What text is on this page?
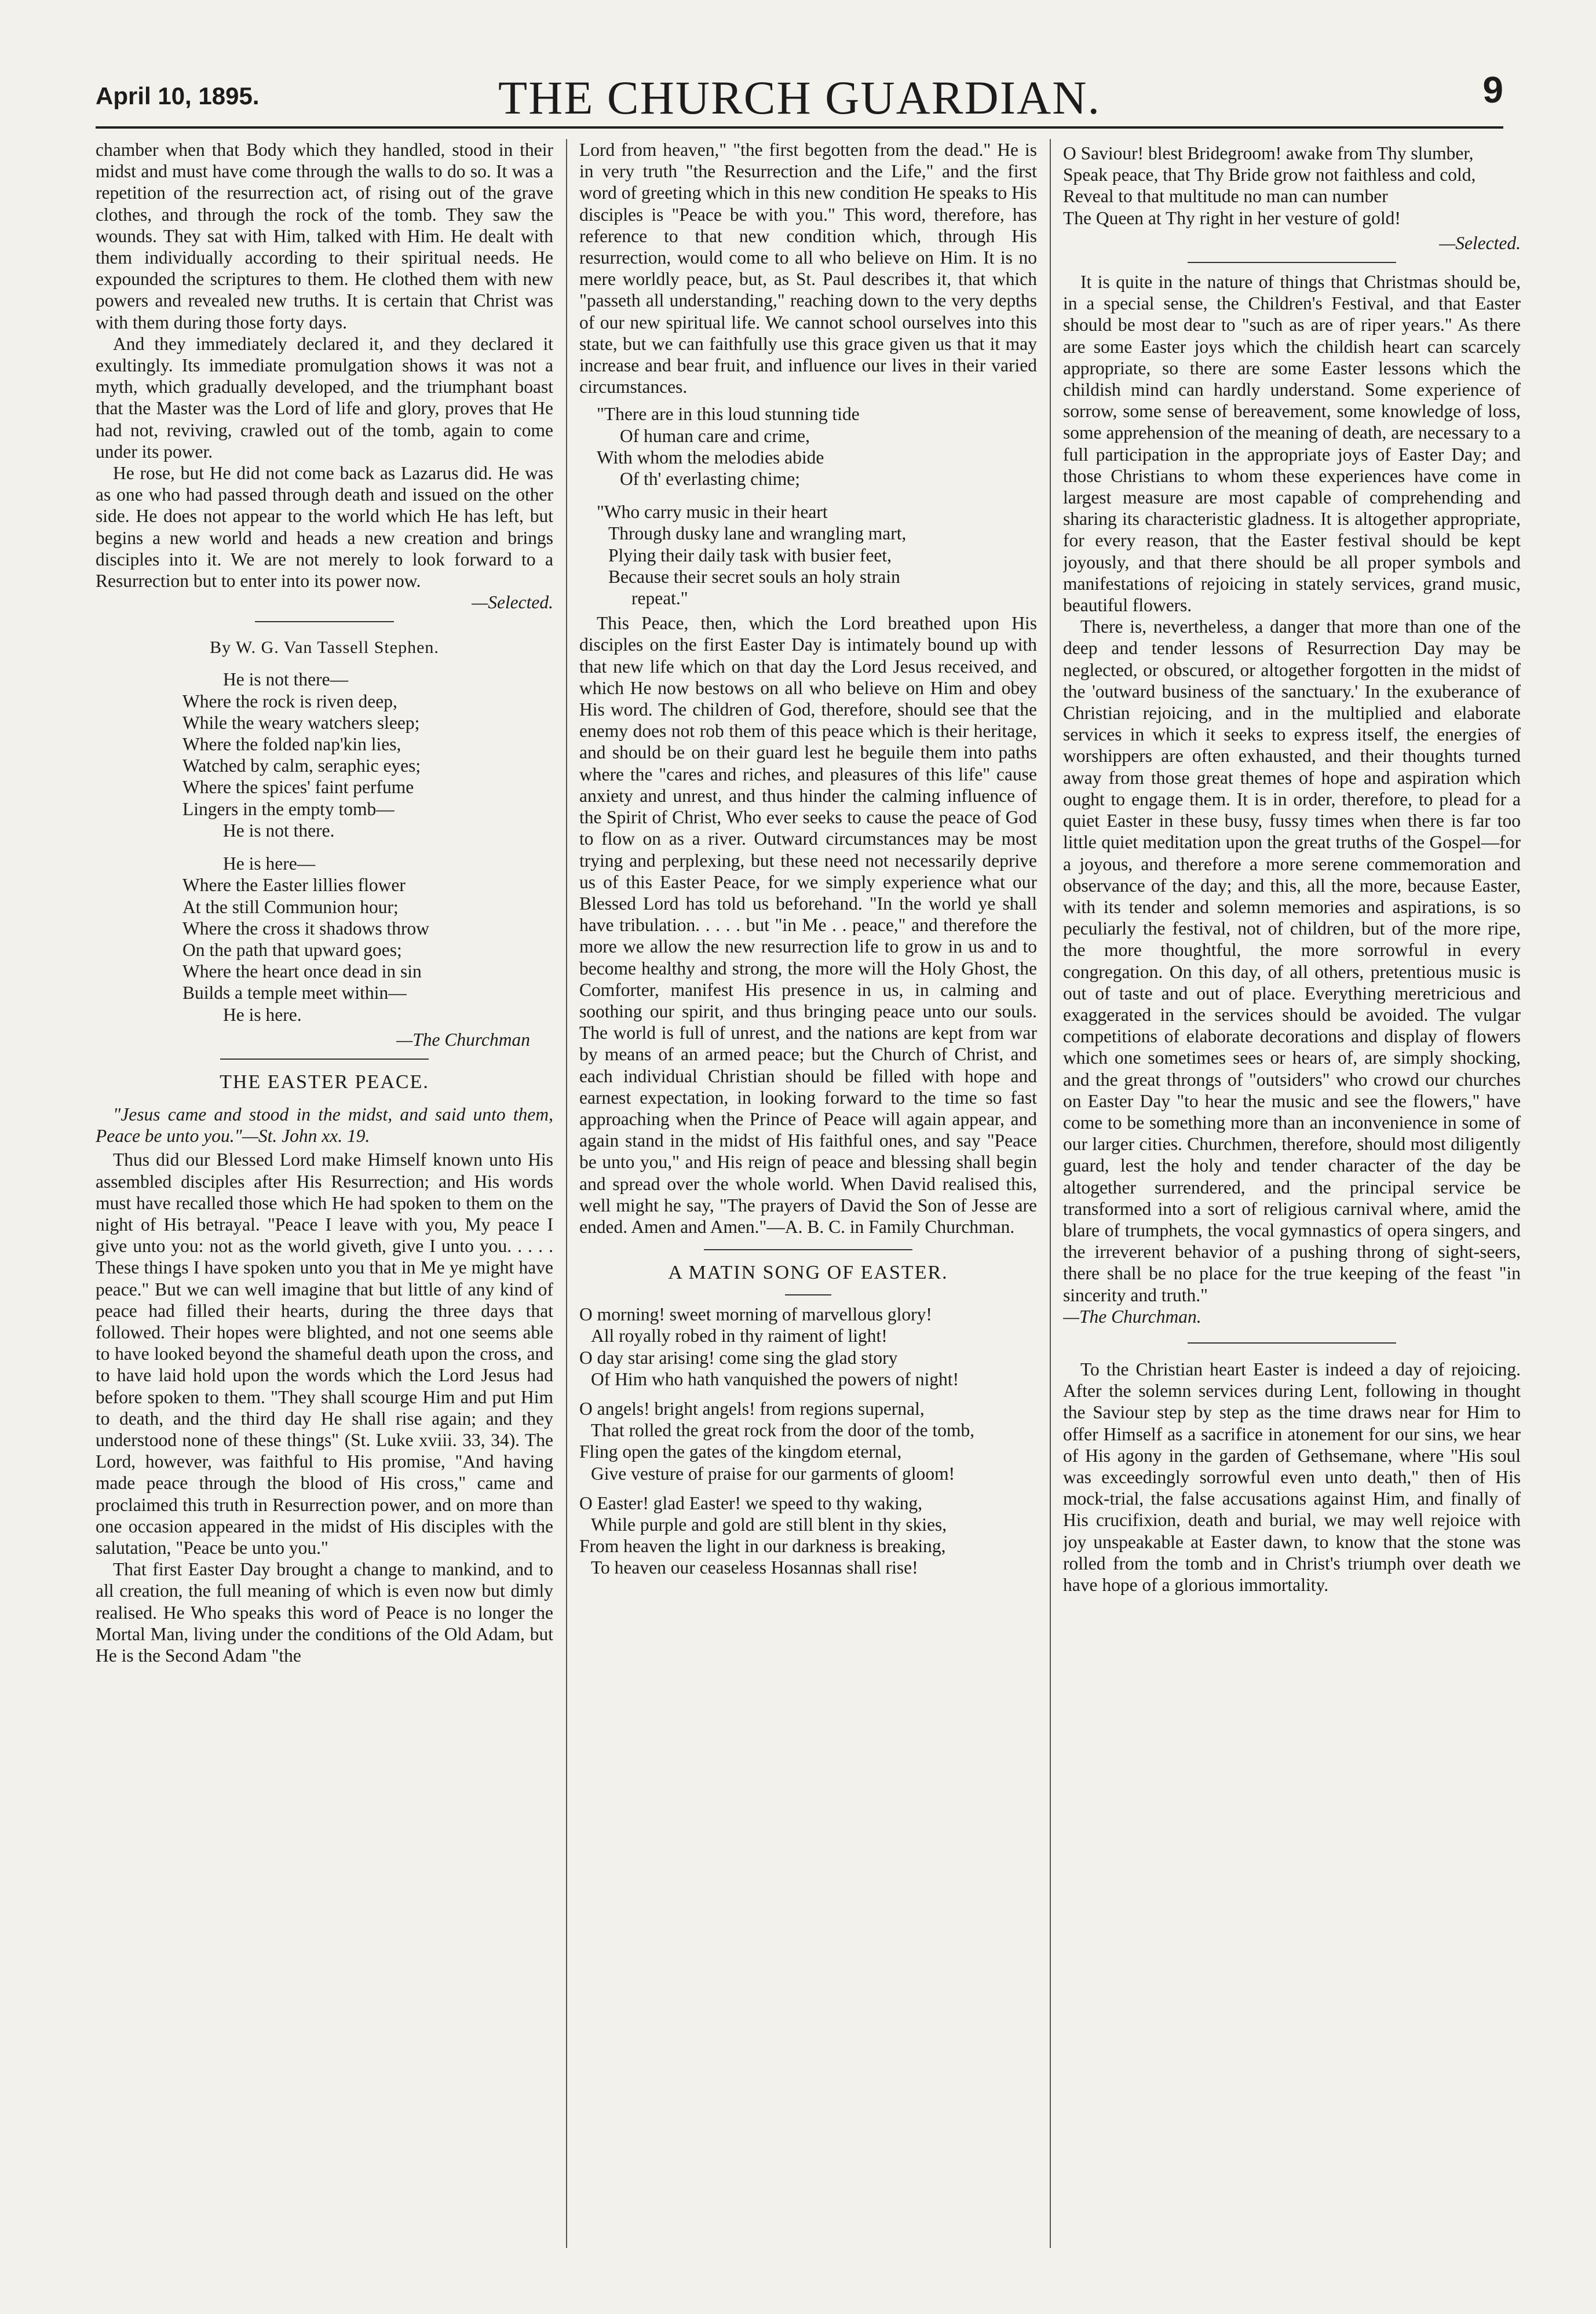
April 10, 1895.	THE CHURCH GUARDIAN.	9

chamber when that Body which they handled, stood in their midst and must have come through the walls to do so. It was a repetition of the resurrection act, of rising out of the grave clothes, and through the rock of the tomb. They saw the wounds. They sat with Him, talked with Him. He dealt with them individually according to their spiritual needs. He expounded the scriptures to them. He clothed them with new powers and revealed new truths. It is certain that Christ was with them during those forty days.

And they immediately declared it, and they declared it exultingly. Its immediate promulgation shows it was not a myth, which gradually developed, and the triumphant boast that the Master was the Lord of life and glory, proves that He had not, reviving, crawled out of the tomb, again to come under its power.

He rose, but He did not come back as Lazarus did. He was as one who had passed through death and issued on the other side. He does not appear to the world which He has left, but begins a new world and heads a new creation and brings disciples into it. We are not merely to look forward to a Resurrection but to enter into its power now.

—Selected.

By W. G. Van Tassell Stephen.
He is not there—
Where the rock is riven deep,
While the weary watchers sleep;
Where the folded nap'kin lies,
Watched by calm, seraphic eyes;
Where the spices' faint perfume
Lingers in the empty tomb—
He is not there.
He is here—
Where the Easter lillies flower
At the still Communion hour;
Where the cross it shadows throw
On the path that upward goes;
Where the heart once dead in sin
Builds a temple meet within—
He is here.

—The Churchman

THE EASTER PEACE.
"Jesus came and stood in the midst, and said unto them, Peace be unto you."—St. John xx. 19.

Thus did our Blessed Lord make Himself known unto His assembled disciples after His Resurrection; and His words must have recalled those which He had spoken to them on the night of His betrayal. "Peace I leave with you, My peace I give unto you: not as the world giveth, give I unto you. . . . . These things I have spoken unto you that in Me ye might have peace." But we can well imagine that but little of any kind of peace had filled their hearts, during the three days that followed. Their hopes were blighted, and not one seems able to have looked beyond the shameful death upon the cross, and to have laid hold upon the words which the Lord Jesus had before spoken to them. "They shall scourge Him and put Him to death, and the third day He shall rise again; and they understood none of these things" (St. Luke xviii. 33, 34). The Lord, however, was faithful to His promise, "And having made peace through the blood of His cross," came and proclaimed this truth in Resurrection power, and on more than one occasion appeared in the midst of His disciples with the salutation, "Peace be unto you."

That first Easter Day brought a change to mankind, and to all creation, the full meaning of which is even now but dimly realised. He Who speaks this word of Peace is no longer the Mortal Man, living under the conditions of the Old Adam, but He is the Second Adam "the

Lord from heaven," "the first begotten from the dead." He is in very truth "the Resurrection and the Life," and the first word of greeting which in this new condition He speaks to His disciples is "Peace be with you." This word, therefore, has reference to that new condition which, through His resurrection, would come to all who believe on Him. It is no mere worldly peace, but, as St. Paul describes it, that which "passeth all understanding," reaching down to the very depths of our new spiritual life. We cannot school ourselves into this state, but we can faithfully use this grace given us that it may increase and bear fruit, and influence our lives in their varied circumstances.

"There are in this loud stunning tide
Of human care and crime,
With whom the melodies abide
Of th' everlasting chime;
"Who carry music in their heart
Through dusky lane and wrangling mart,
Plying their daily task with busier feet,
Because their secret souls an holy strain
repeat."

This Peace, then, which the Lord breathed upon His disciples on the first Easter Day is intimately bound up with that new life which on that day the Lord Jesus received, and which He now bestows on all who believe on Him and obey His word. The children of God, therefore, should see that the enemy does not rob them of this peace which is their heritage, and should be on their guard lest he beguile them into paths where the "cares and riches, and pleasures of this life" cause anxiety and unrest, and thus hinder the calming influence of the Spirit of Christ, Who ever seeks to cause the peace of God to flow on as a river. Outward circumstances may be most trying and perplexing, but these need not necessarily deprive us of this Easter Peace, for we simply experience what our Blessed Lord has told us beforehand. "In the world ye shall have tribulation. . . . . but "in Me . . peace," and therefore the more we allow the new resurrection life to grow in us and to become healthy and strong, the more will the Holy Ghost, the Comforter, manifest His presence in us, in calming and soothing our spirit, and thus bringing peace unto our souls. The world is full of unrest, and the nations are kept from war by means of an armed peace; but the Church of Christ, and each individual Christian should be filled with hope and earnest expectation, in looking forward to the time so fast approaching when the Prince of Peace will again appear, and again stand in the midst of His faithful ones, and say "Peace be unto you," and His reign of peace and blessing shall begin and spread over the whole world. When David realised this, well might he say, "The prayers of David the Son of Jesse are ended. Amen and Amen."—A. B. C. in Family Churchman.

A MATIN SONG OF EASTER.
O morning! sweet morning of marvellous glory!
All royally robed in thy raiment of light!
O day star arising! come sing the glad story
Of Him who hath vanquished the powers of night!
O angels! bright angels! from regions supernal,
That rolled the great rock from the door of the tomb,
Fling open the gates of the kingdom eternal,
Give vesture of praise for our garments of gloom!
O Easter! glad Easter! we speed to thy waking,
While purple and gold are still blent in thy skies,
From heaven the light in our darkness is breaking,
To heaven our ceaseless Hosannas shall rise!
O Saviour! blest Bridegroom! awake from Thy slumber,
Speak peace, that Thy Bride grow not faithless and cold,
Reveal to that multitude no man can number
The Queen at Thy right in her vesture of gold!

—Selected.

It is quite in the nature of things that Christmas should be, in a special sense, the Children's Festival, and that Easter should be most dear to "such as are of riper years." As there are some Easter joys which the childish heart can scarcely appropriate, so there are some Easter lessons which the childish mind can hardly understand. Some experience of sorrow, some sense of bereavement, some knowledge of loss, some apprehension of the meaning of death, are necessary to a full participation in the appropriate joys of Easter Day; and those Christians to whom these experiences have come in largest measure are most capable of comprehending and sharing its characteristic gladness. It is altogether appropriate, for every reason, that the Easter festival should be kept joyously, and that there should be all proper symbols and manifestations of rejoicing in stately services, grand music, beautiful flowers.

There is, nevertheless, a danger that more than one of the deep and tender lessons of Resurrection Day may be neglected, or obscured, or altogether forgotten in the midst of the 'outward business of the sanctuary.' In the exuberance of Christian rejoicing, and in the multiplied and elaborate services in which it seeks to express itself, the energies of worshippers are often exhausted, and their thoughts turned away from those great themes of hope and aspiration which ought to engage them. It is in order, therefore, to plead for a quiet Easter in these busy, fussy times when there is far too little quiet meditation upon the great truths of the Gospel—for a joyous, and therefore a more serene commemoration and observance of the day; and this, all the more, because Easter, with its tender and solemn memories and aspirations, is so peculiarly the festival, not of children, but of the more ripe, the more thoughtful, the more sorrowful in every congregation. On this day, of all others, pretentious music is out of taste and out of place. Everything meretricious and exaggerated in the services should be avoided. The vulgar competitions of elaborate decorations and display of flowers which one sometimes sees or hears of, are simply shocking, and the great throngs of "outsiders" who crowd our churches on Easter Day "to hear the music and see the flowers," have come to be something more than an inconvenience in some of our larger cities. Churchmen, therefore, should most diligently guard, lest the holy and tender character of the day be altogether surrendered, and the principal service be transformed into a sort of religious carnival where, amid the blare of trumphets, the vocal gymnastics of opera singers, and the irreverent behavior of a pushing throng of sight-seers, there shall be no place for the true keeping of the feast "in sincerity and truth."

—The Churchman.

To the Christian heart Easter is indeed a day of rejoicing. After the solemn services during Lent, following in thought the Saviour step by step as the time draws near for Him to offer Himself as a sacrifice in atonement for our sins, we hear of His agony in the garden of Gethsemane, where "His soul was exceedingly sorrowful even unto death," then of His mock-trial, the false accusations against Him, and finally of His crucifixion, death and burial, we may well rejoice with joy unspeakable at Easter dawn, to know that the stone was rolled from the tomb and in Christ's triumph over death we have hope of a glorious immortality.
